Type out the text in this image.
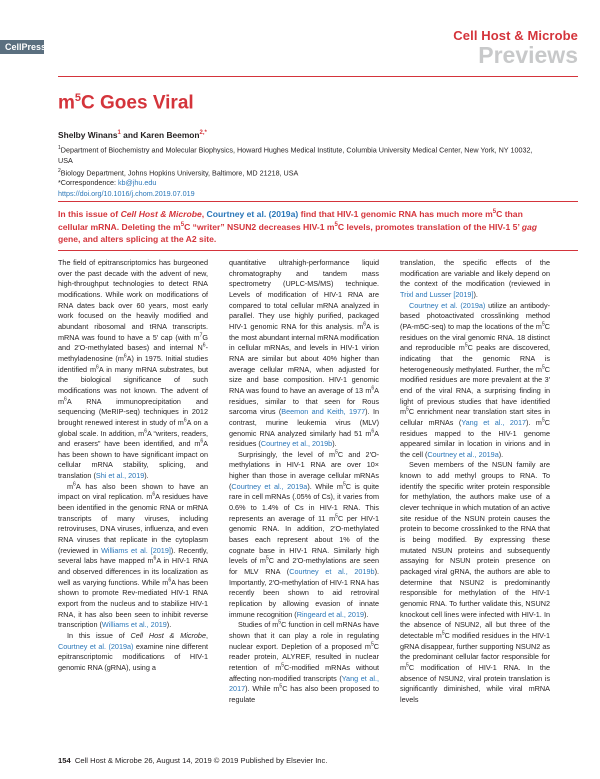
CellPress
Cell Host & Microbe
Previews
$m^5C$ Goes Viral
Shelby Winans$^1$ and Karen Beemon$^{2,*}$
$^1$Department of Biochemistry and Molecular Biophysics, Howard Hughes Medical Institute, Columbia University Medical Center, New York, NY 10032, USA
$^2$Biology Department, Johns Hopkins University, Baltimore, MD 21218, USA
*Correspondence: kb@jhu.edu
https://doi.org/10.1016/j.chom.2019.07.019
In this issue of Cell Host & Microbe, Courtney et al. (2019a) find that HIV-1 genomic RNA has much more $m^5C$ than cellular mRNA. Deleting the $m^5C$ “writer” NSUN2 decreases HIV-1 $m^5C$ levels, promotes translation of the HIV-1 5’ gag gene, and alters splicing at the A2 site.

The field of epitranscriptomics has burgeoned over the past decade with the advent of new, high-throughput technologies to detect RNA modifications. While work on modifications of RNA dates back over 60 years, most early work focused on the heavily modified and abundant ribosomal and tRNA transcripts. mRNA was found to have a 5′ cap (with $m^7G$ and 2′O-methylated bases) and internal $N^6$-methyladenosine $(m^6A)$ in 1975. Initial studies identified $m^6A$ in many mRNA substrates, but the biological significance of such modifications was not known. The advent of $m^6A$ RNA immunoprecipitation and sequencing (MeRIP-seq) techniques in 2012 brought renewed interest in study of $m^6A$ on a global scale. In addition, $m^6A$ “writers, readers, and erasers” have been identified, and $m^6A$ has been shown to have significant impact on cellular mRNA stability, splicing, and translation (Shi et al., 2019).

$m^6A$ has also been shown to have an impact on viral replication. $m^6A$ residues have been identified in the genomic RNA or mRNA transcripts of many viruses, including retroviruses, DNA viruses, influenza, and even RNA viruses that replicate in the cytoplasm (reviewed in Williams et al. [2019]). Recently, several labs have mapped $m^6A$ in HIV-1 RNA and observed differences in its localization as well as varying functions. While $m^6A$ has been shown to promote Rev-mediated HIV-1 RNA export from the nucleus and to stabilize HIV-1 RNA, it has also been seen to inhibit reverse transcription (Williams et al., 2019).

In this issue of Cell Host & Microbe, Courtney et al. (2019a) examine nine different epitranscriptomic modifications of HIV-1 genomic RNA (gRNA), using a

quantitative ultrahigh-performance liquid chromatography and tandem mass spectrometry (UPLC-MS/MS) technique. Levels of modification of HIV-1 RNA are compared to total cellular mRNA analyzed in parallel. They use highly purified, packaged HIV-1 genomic RNA for this analysis. $m^6A$ is the most abundant internal mRNA modification in cellular mRNAs, and levels in HIV-1 virion RNA are similar but about 40% higher than average cellular mRNA, when adjusted for size and base composition. HIV-1 genomic RNA was found to have an average of 13 $m^6A$ residues, similar to that seen for Rous sarcoma virus (Beemon and Keith, 1977). In contrast, murine leukemia virus (MLV) genomic RNA analyzed similarly had 51 $m^6A$ residues (Courtney et al., 2019b).

Surprisingly, the level of $m^5C$ and 2′O-methylations in HIV-1 RNA are over 10× higher than those in average cellular mRNAs (Courtney et al., 2019a). While $m^5C$ is quite rare in cell mRNAs (.05% of Cs), it varies from 0.6% to 1.4% of Cs in HIV-1 RNA. This represents an average of 11 $m^5C$ per HIV-1 genomic RNA. In addition, 2′O-methylated bases each represent about 1% of the cognate base in HIV-1 RNA. Similarly high levels of $m^5C$ and 2′O-methylations are seen for MLV RNA (Courtney et al., 2019b). Importantly, 2′O-methylation of HIV-1 RNA has recently been shown to aid retroviral replication by allowing evasion of innate immune recognition (Ringeard et al., 2019).

Studies of $m^5C$ function in cell mRNAs have shown that it can play a role in regulating nuclear export. Depletion of a proposed $m^5C$ reader protein, ALYREF, resulted in nuclear retention of $m^5C$-modified mRNAs without affecting non-modified transcripts (Yang et al., 2017). While $m^5C$ has also been proposed to regulate

translation, the specific effects of the modification are variable and likely depend on the context of the modification (reviewed in Trixl and Lusser [2019]).

Courtney et al. (2019a) utilize an antibody-based photoactivated crosslinking method (PA-m5C-seq) to map the locations of the $m^5C$ residues on the viral genomic RNA. 18 distinct and reproducible $m^5C$ peaks are discovered, indicating that the genomic RNA is heterogeneously methylated. Further, the $m^5C$ modified residues are more prevalent at the 3′ end of the viral RNA, a surprising finding in light of previous studies that have identified $m^5C$ enrichment near translation start sites in cellular mRNAs (Yang et al., 2017). $m^5C$ residues mapped to the HIV-1 genome appeared similar in location in virions and in the cell (Courtney et al., 2019a).

Seven members of the NSUN family are known to add methyl groups to RNA. To identify the specific writer protein responsible for methylation, the authors make use of a clever technique in which mutation of an active site residue of the NSUN protein causes the protein to become crosslinked to the RNA that is being modified. By expressing these mutated NSUN proteins and subsequently assaying for NSUN protein presence on packaged viral gRNA, the authors are able to determine that NSUN2 is predominantly responsible for methylation of the HIV-1 genomic RNA. To further validate this, NSUN2 knockout cell lines were infected with HIV-1. In the absence of NSUN2, all but three of the detectable $m^5C$ modified residues in the HIV-1 gRNA disappear, further supporting NSUN2 as the predominant cellular factor responsible for $m^5C$ modification of HIV-1 RNA. In the absence of NSUN2, viral protein translation is significantly diminished, while viral mRNA levels

154 Cell Host & Microbe 26, August 14, 2019 © 2019 Published by Elsevier Inc.
